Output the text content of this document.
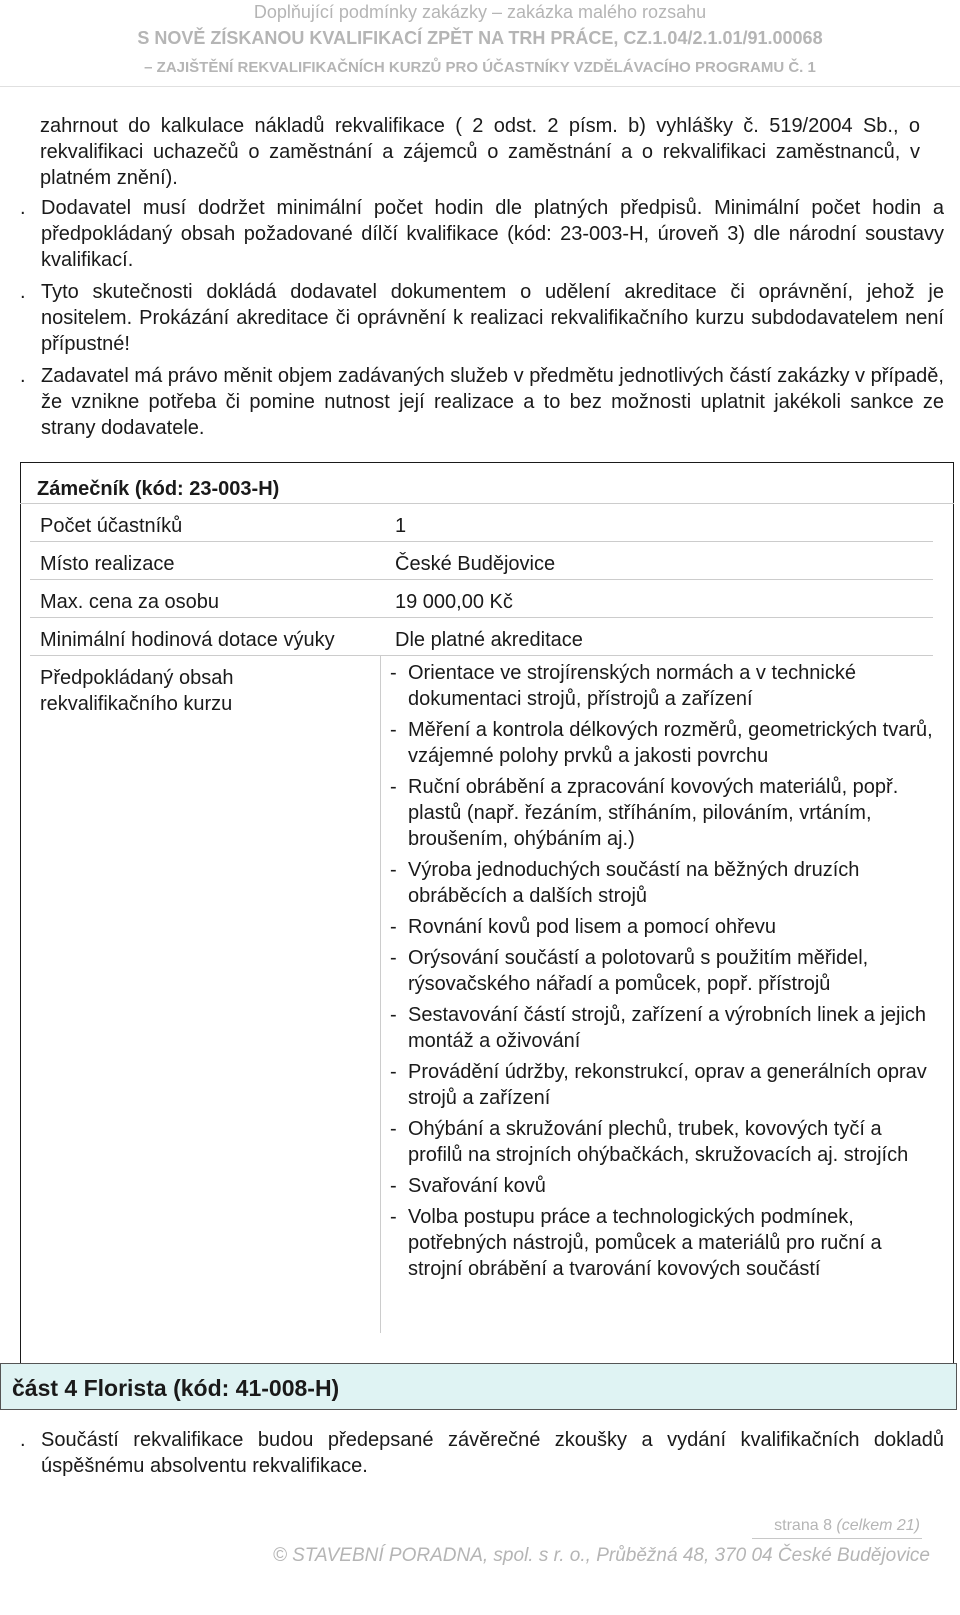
Doplňující podmínky zakázky – zakázka malého rozsahu
S NOVĚ ZÍSKANOU KVALIFIKACÍ ZPĚT NA TRH PRÁCE, CZ.1.04/2.1.01/91.00068
– ZAJIŠTĚNÍ REKVALIFIKAČNÍCH KURZŮ PRO ÚČASTNÍKY VZDĚLÁVACÍHO PROGRAMU Č. 1
zahrnout do kalkulace nákladů rekvalifikace ( 2 odst. 2 písm. b) vyhlášky č. 519/2004 Sb., o rekvalifikaci uchazečů o zaměstnání a zájemců o zaměstnání a o rekvalifikaci zaměstnanců, v platném znění).
. Dodavatel musí dodržet minimální počet hodin dle platných předpisů. Minimální počet hodin a předpokládaný obsah požadované dílčí kvalifikace (kód: 23-003-H, úroveň 3) dle národní soustavy kvalifikací.
. Tyto skutečnosti dokládá dodavatel dokumentem o udělení akreditace či oprávnění, jehož je nositelem. Prokázání akreditace či oprávnění k realizaci rekvalifikačního kurzu subdodavatelem není přípustné!
. Zadavatel má právo měnit objem zadávaných služeb v předmětu jednotlivých částí zakázky v případě, že vznikne potřeba či pomine nutnost její realizace a to bez možnosti uplatnit jakékoli sankce ze strany dodavatele.
Zámečník (kód: 23-003-H)
Počet účastníků	1
Místo realizace	České Budějovice
Max. cena za osobu	19 000,00 Kč
Minimální hodinová dotace výuky	Dle platné akreditace
Předpokládaný obsah rekvalifikačního kurzu
- Orientace ve strojírenských normách a v technické dokumentaci strojů, přístrojů a zařízení
- Měření a kontrola délkových rozměrů, geometrických tvarů, vzájemné polohy prvků a jakosti povrchu
- Ruční obrábění a zpracování kovových materiálů, popř. plastů (např. řezáním, stříháním, pilováním, vrtáním, broušením, ohýbáním aj.)
- Výroba jednoduchých součástí na běžných druzích obráběcích a dalších strojů
- Rovnání kovů pod lisem a pomocí ohřevu
- Orýsování součástí a polotovarů s použitím měřidel, rýsovačského nářadí a pomůcek, popř. přístrojů
- Sestavování částí strojů, zařízení a výrobních linek a jejich montáž a oživování
- Provádění údržby, rekonstrukcí, oprav a generálních oprav strojů a zařízení
- Ohýbání a skružování plechů, trubek, kovových tyčí a profilů na strojních ohýbačkách, skružovacích aj. strojích
- Svařování kovů
- Volba postupu práce a technologických podmínek, potřebných nástrojů, pomůcek a materiálů pro ruční a strojní obrábění a tvarování kovových součástí
část 4 Florista (kód: 41-008-H)
. Součástí rekvalifikace budou předepsané závěrečné zkoušky a vydání kvalifikačních dokladů úspěšnému absolventu rekvalifikace.
strana 8 (celkem 21)
© STAVEBNÍ PORADNA, spol. s r. o., Průběžná 48, 370 04 České Budějovice
